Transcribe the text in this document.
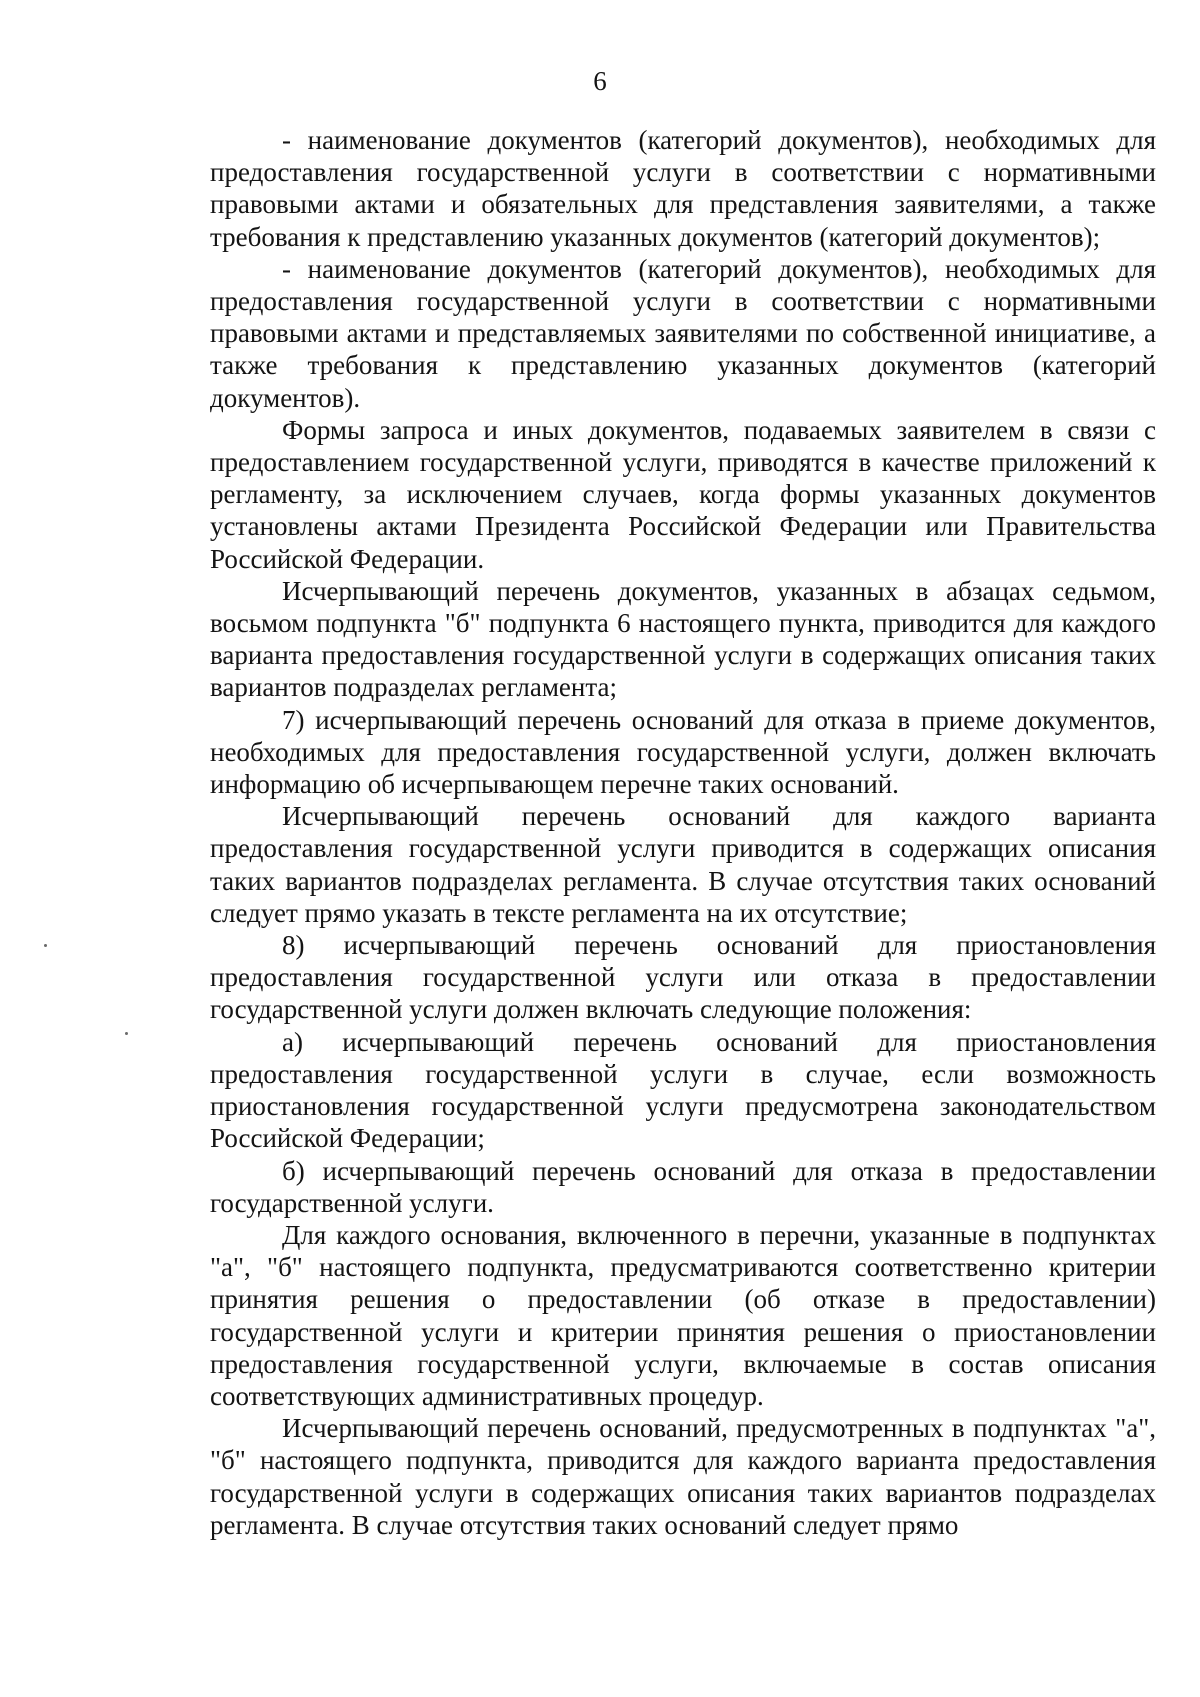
6

- наименование документов (категорий документов), необходимых для предоставления государственной услуги в соответствии с нормативными правовыми актами и обязательных для представления заявителями, а также требования к представлению указанных документов (категорий документов);

- наименование документов (категорий документов), необходимых для предоставления государственной услуги в соответствии с нормативными правовыми актами и представляемых заявителями по собственной инициативе, а также требования к представлению указанных документов (категорий документов).

Формы запроса и иных документов, подаваемых заявителем в связи с предоставлением государственной услуги, приводятся в качестве приложений к регламенту, за исключением случаев, когда формы указанных документов установлены актами Президента Российской Федерации или Правительства Российской Федерации.

Исчерпывающий перечень документов, указанных в абзацах седьмом, восьмом подпункта "б" подпункта 6 настоящего пункта, приводится для каждого варианта предоставления государственной услуги в содержащих описания таких вариантов подразделах регламента;

7) исчерпывающий перечень оснований для отказа в приеме документов, необходимых для предоставления государственной услуги, должен включать информацию об исчерпывающем перечне таких оснований.

Исчерпывающий перечень оснований для каждого варианта предоставления государственной услуги приводится в содержащих описания таких вариантов подразделах регламента. В случае отсутствия таких оснований следует прямо указать в тексте регламента на их отсутствие;

8) исчерпывающий перечень оснований для приостановления предоставления государственной услуги или отказа в предоставлении государственной услуги должен включать следующие положения:

а) исчерпывающий перечень оснований для приостановления предоставления государственной услуги в случае, если возможность приостановления государственной услуги предусмотрена законодательством Российской Федерации;

б) исчерпывающий перечень оснований для отказа в предоставлении государственной услуги.

Для каждого основания, включенного в перечни, указанные в подпунктах "а", "б" настоящего подпункта, предусматриваются соответственно критерии принятия решения о предоставлении (об отказе в предоставлении) государственной услуги и критерии принятия решения о приостановлении предоставления государственной услуги, включаемые в состав описания соответствующих административных процедур.

Исчерпывающий перечень оснований, предусмотренных в подпунктах "а", "б" настоящего подпункта, приводится для каждого варианта предоставления государственной услуги в содержащих описания таких вариантов подразделах регламента. В случае отсутствия таких оснований следует прямо
